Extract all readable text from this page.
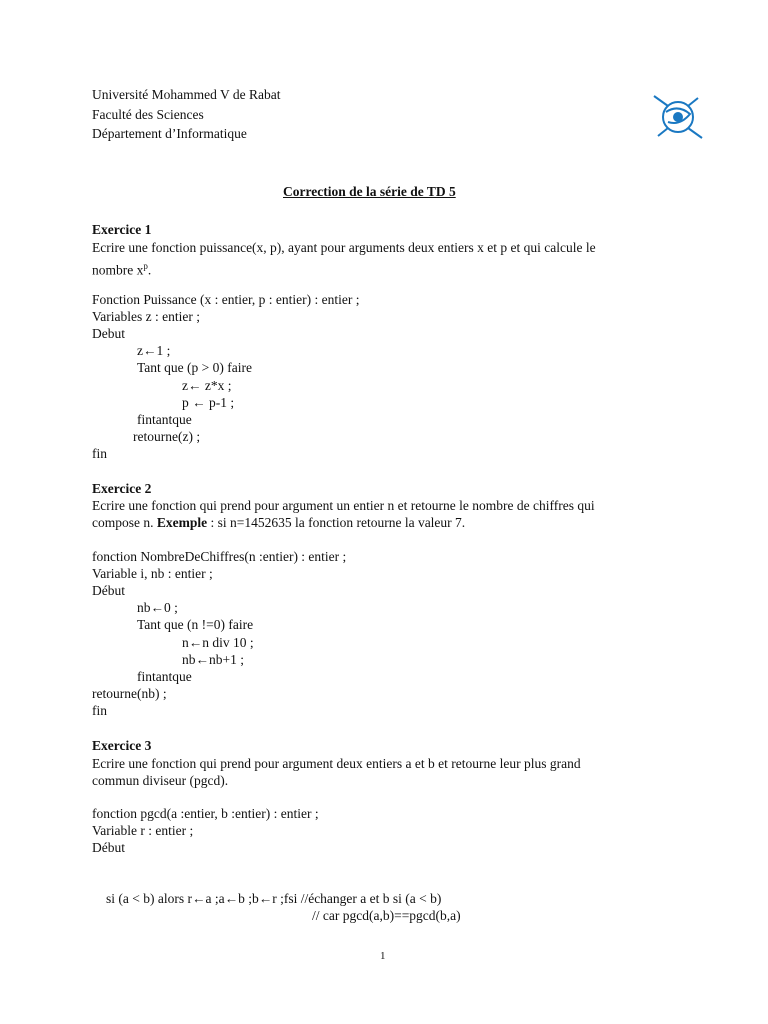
Université Mohammed V de Rabat
Faculté des Sciences
Département d’Informatique
Correction de la série de TD 5
Exercice 1
Ecrire une fonction puissance(x, p), ayant pour arguments deux entiers x et p et qui calcule le
nombre $x^p$.
Fonction Puissance (x : entier, p : entier) : entier ;
Variables z : entier ;
Debut
z←1 ;
Tant que (p > 0) faire
z← z*x ;
p ← p-1 ;
fintantque
retourne(z) ;
fin
Exercice 2
Ecrire une fonction qui prend pour argument un entier n et retourne le nombre de chiffres qui
compose n. Exemple : si n=1452635 la fonction retourne la valeur 7.
fonction NombreDeChiffres(n :entier) : entier ;
Variable i, nb : entier ;
Début
nb←0 ;
Tant que (n !=0) faire
n←n div 10 ;
nb←nb+1 ;
fintantque
retourne(nb) ;
fin
Exercice 3
Ecrire une fonction qui prend pour argument deux entiers a et b et retourne leur plus grand
commun diviseur (pgcd).
fonction pgcd(a :entier, b :entier) : entier ;
Variable r : entier ;
Début
si (a < b) alors r←a ;a←b ;b←r ;fsi //échanger a et b si (a < b)
// car pgcd(a,b)==pgcd(b,a)
1
